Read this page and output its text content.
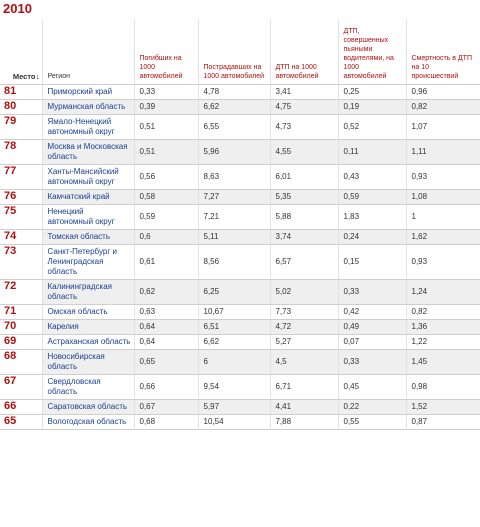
2010
Место↓	Регион	Погибших на 1000 автомобилей	Пострадавших на 1000 автомобилей	ДТП на 1000 автомобилей	ДТП, совершенных пьяными водителями, на 1000 автомобилей	Смертность в ДТП на 10 происшествий
81	Приморский край	0,33	4,78	3,41	0,25	0,96
80	Мурманская область	0,39	6,62	4,75	0,19	0,82
79	Ямало-Ненецкий автономный округ	0,51	6,55	4,73	0,52	1,07
78	Москва и Московская область	0,51	5,96	4,55	0,11	1,11
77	Ханты-Мансийский автономный округ	0,56	8,63	6,01	0,43	0,93
76	Камчатский край	0,58	7,27	5,35	0,59	1,08
75	Ненецкий автономный округ	0,59	7,21	5,88	1,83	1
74	Томская область	0,6	5,11	3,74	0,24	1,62
73	Санкт-Петербург и Ленинградская область	0,61	8,56	6,57	0,15	0,93
72	Калининградская область	0,62	6,25	5,02	0,33	1,24
71	Омская область	0,63	10,67	7,73	0,42	0,82
70	Карелия	0,64	6,51	4,72	0,49	1,36
69	Астраханская область	0,64	6,62	5,27	0,07	1,22
68	Новосибирская область	0,65	6	4,5	0,33	1,45
67	Свердловская область	0,66	9,54	6,71	0,45	0,98
66	Саратовская область	0,67	5,97	4,41	0,22	1,52
65	Вологодская область	0,68	10,54	7,88	0,55	0,87
